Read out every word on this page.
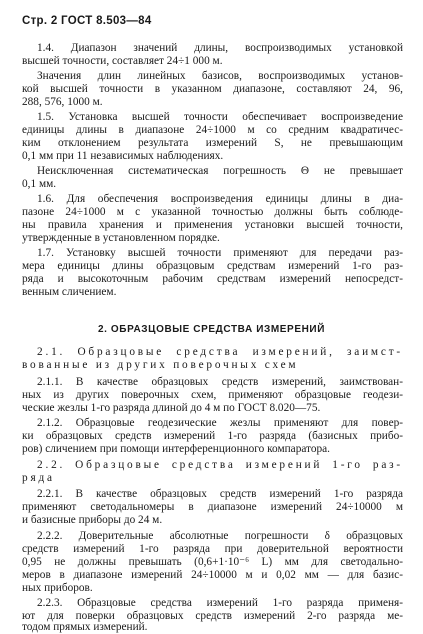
Стр. 2 ГОСТ 8.503—84
1.4. Диапазон значений длины, воспроизводимых установкой
высшей точности, составляет 24÷1 000 м.
Значения длин линейных базисов, воспроизводимых установ-
кой высшей точности в указанном диапазоне, составляют 24, 96,
288, 576, 1000 м.
1.5. Установка высшей точности обеспечивает воспроизведение
единицы длины в диапазоне 24÷1000 м со средним квадратичес-
ким отклонением результата измерений S, не превышающим
0,1 мм при 11 независимых наблюдениях.
Неисключенная систематическая погрешность Θ не превышает
0,1 мм.
1.6. Для обеспечения воспроизведения единицы длины в диа-
пазоне 24÷1000 м с указанной точностью должны быть соблюде-
ны правила хранения и применения установки высшей точности,
утвержденные в установленном порядке.
1.7. Установку высшей точности применяют для передачи раз-
мера единицы длины образцовым средствам измерений 1-го раз-
ряда и высокоточным рабочим средствам измерений непосредст-
венным сличением.
2. ОБРАЗЦОВЫЕ СРЕДСТВА ИЗМЕРЕНИЙ
2.1. Образцовые средства измерений, заимст-
вованные из других поверочных схем
2.1.1. В качестве образцовых средств измерений, заимствован-
ных из других поверочных схем, применяют образцовые геодези-
ческие жезлы 1-го разряда длиной до 4 м по ГОСТ 8.020—75.
2.1.2. Образцовые геодезические жезлы применяют для повер-
ки образцовых средств измерений 1-го разряда (базисных прибо-
ров) сличением при помощи интерференционного компаратора.
2.2. Образцовые средства измерений 1-го раз-
ряда
2.2.1. В качестве образцовых средств измерений 1-го разряда
применяют светодальномеры в диапазоне измерений 24÷10000 м
и базисные приборы до 24 м.
2.2.2. Доверительные абсолютные погрешности δ образцовых
средств измерений 1-го разряда при доверительной вероятности
0,95 не должны превышать (0,6+1·10⁻⁶ L) мм для светодально-
меров в диапазоне измерений 24÷10000 м и 0,02 мм — для базис-
ных приборов.
2.2.3. Образцовые средства измерений 1-го разряда применя-
ют для поверки образцовых средств измерений 2-го разряда ме-
тодом прямых измерений.
